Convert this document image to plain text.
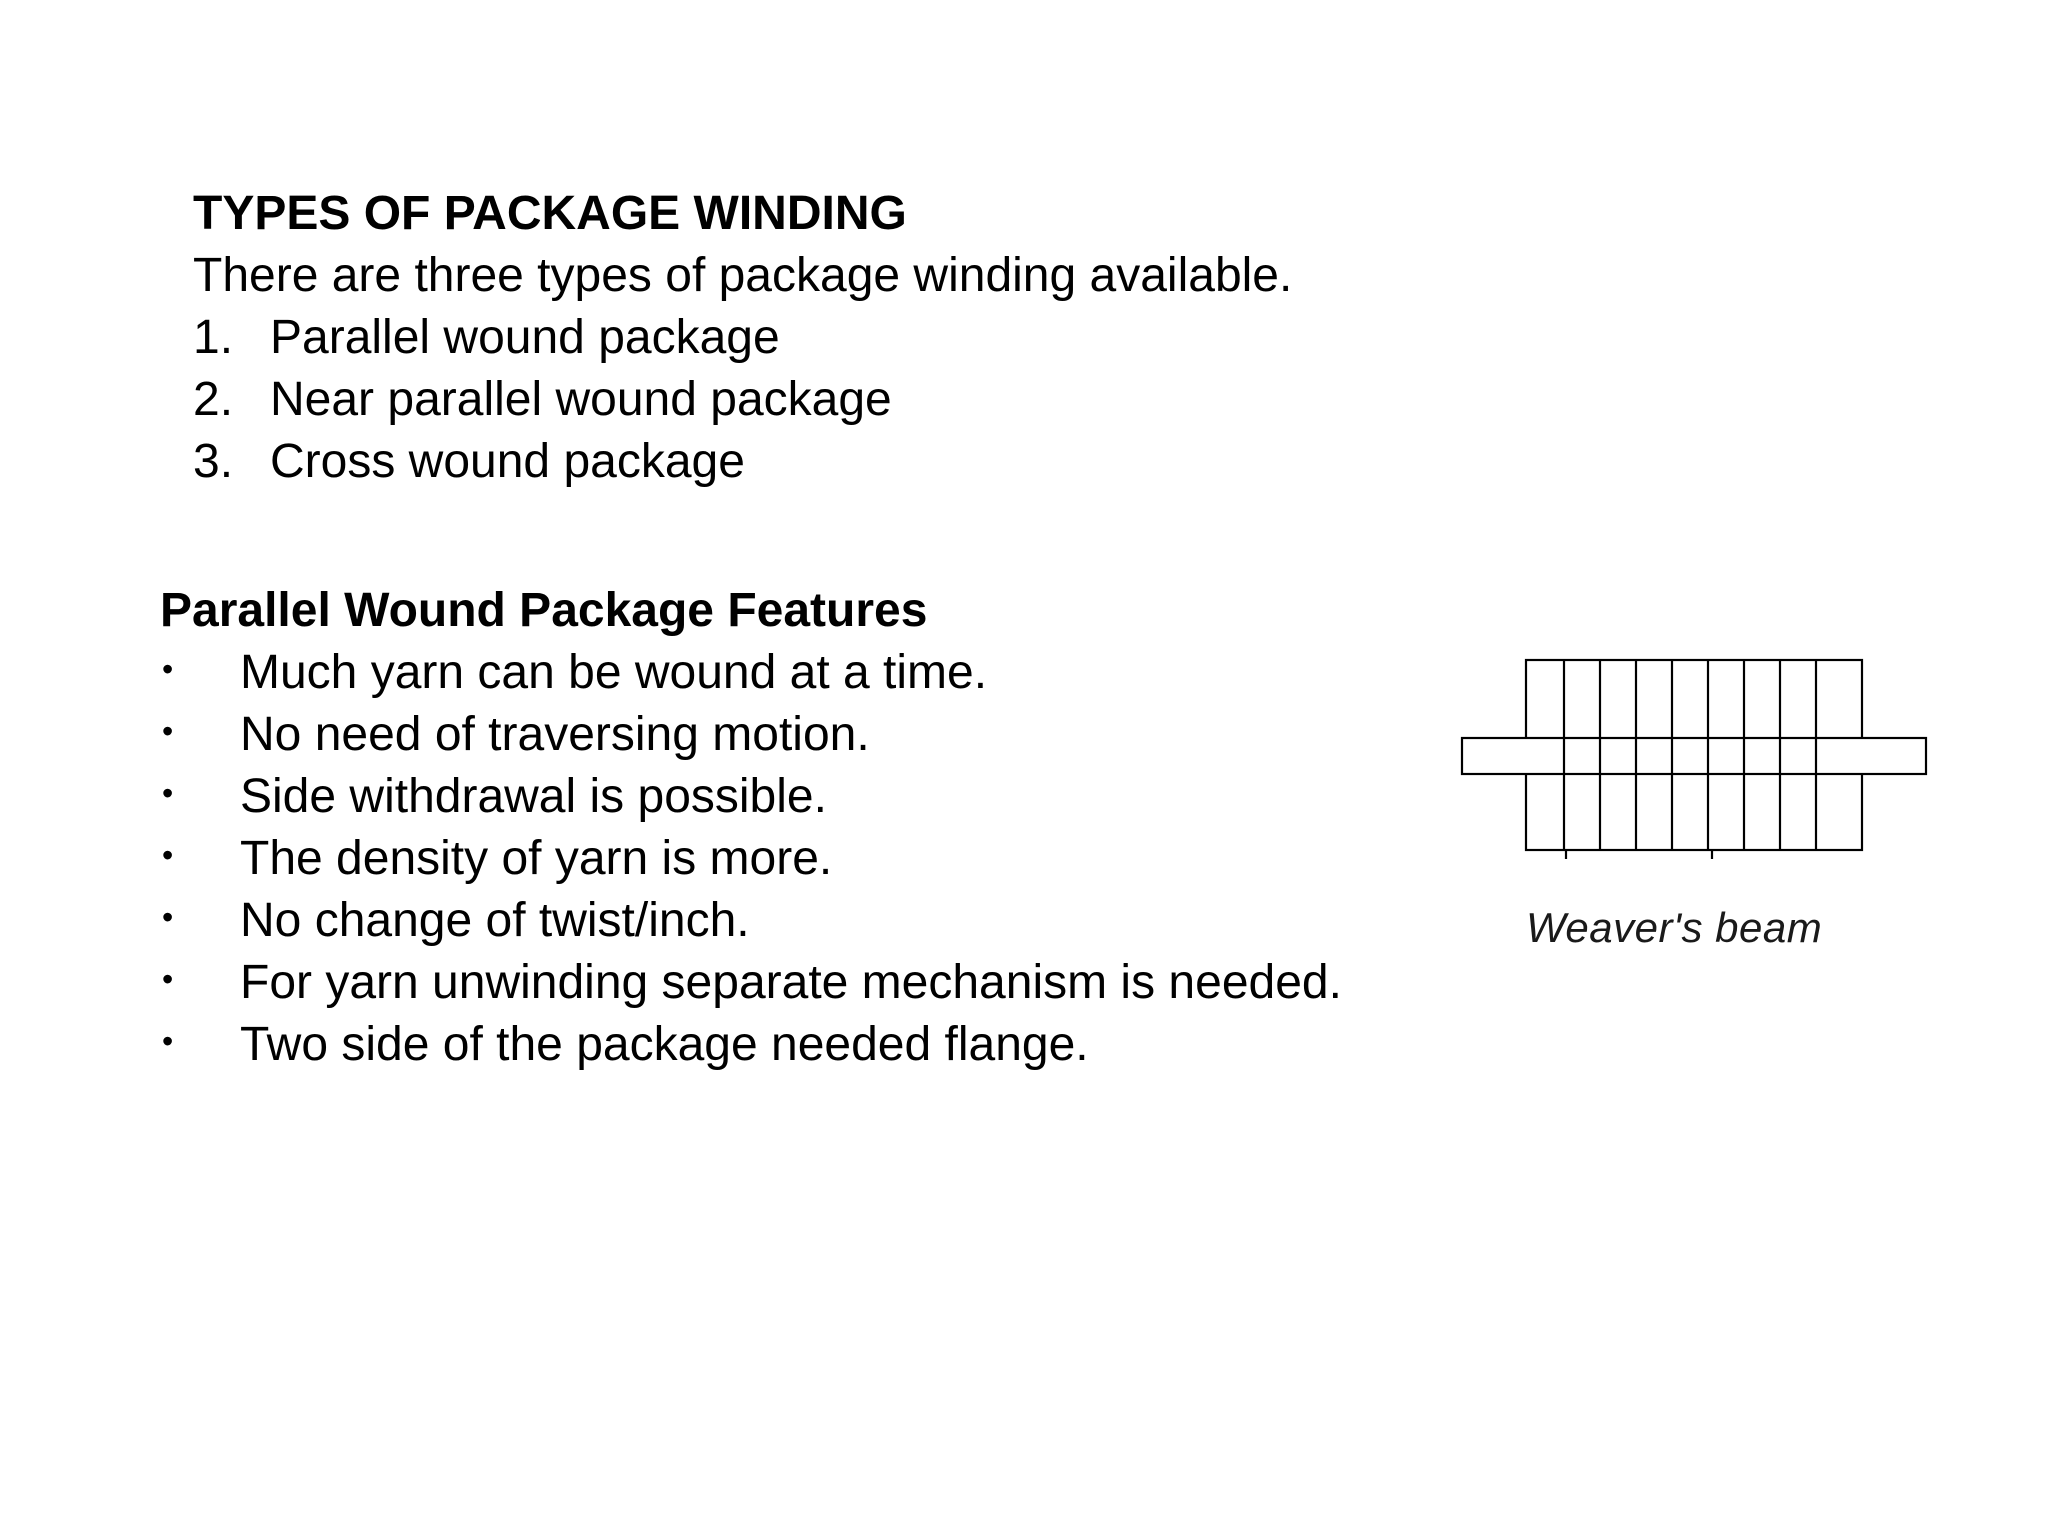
TYPES OF PACKAGE WINDING

There are three types of package winding available.

1. Parallel wound package
2. Near parallel wound package
3. Cross wound package

Parallel Wound Package Features

•	Much yarn can be wound at a time.
•	No need of traversing motion.
•	Side withdrawal is possible.
•	The density of yarn is more.
•	No change of twist/inch.
•	For yarn unwinding separate mechanism is needed.
•	Two side of the package needed flange.
Weaver's beam
